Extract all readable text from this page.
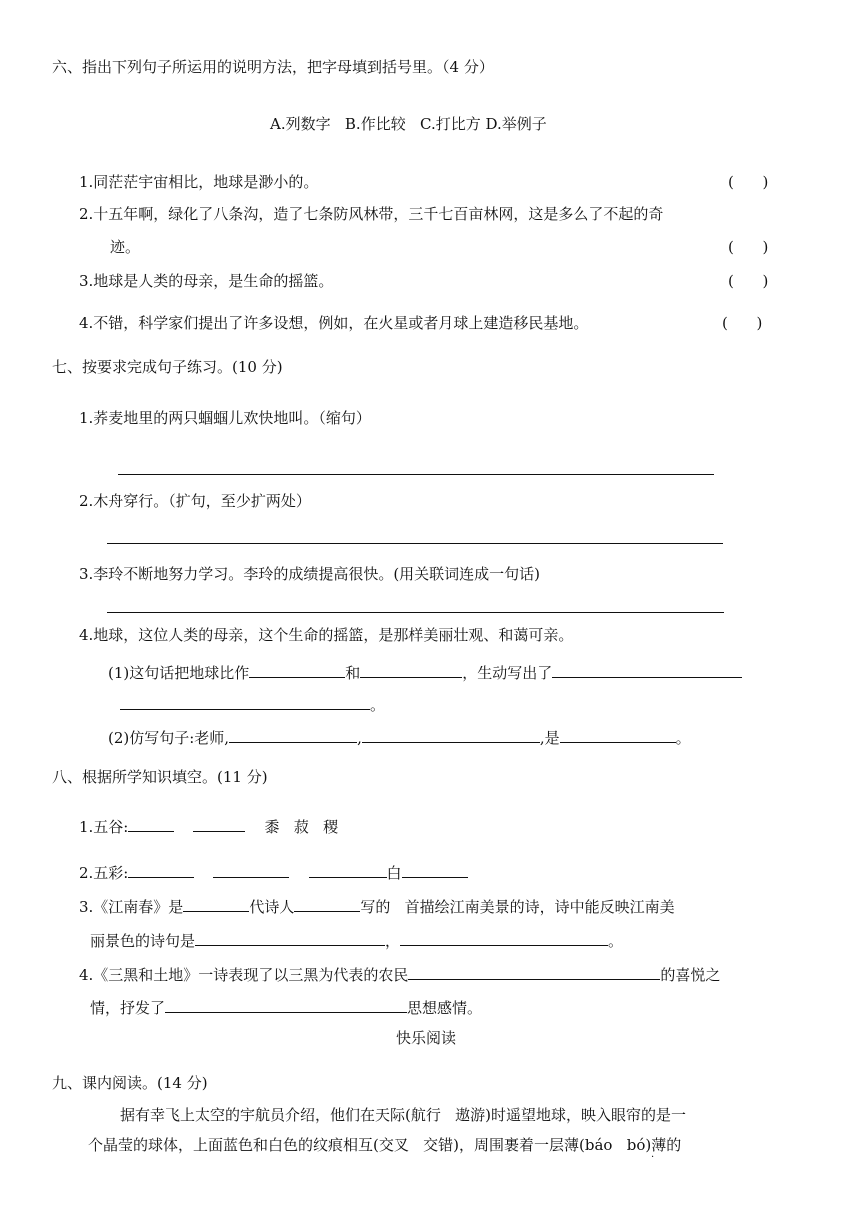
六、指出下列句子所运用的说明方法，把字母填到括号里。（4 分）
A.列数字   B.作比较   C.打比方 D.举例子
1.同茫茫宇宙相比，地球是渺小的。	(      )
2.十五年啊，绿化了八条沟，造了七条防风林带，三千七百亩林网，这是多么了不起的奇
迹。	(      )
3.地球是人类的母亲，是生命的摇篮。	(      )
4.不错，科学家们提出了许多设想，例如，在火星或者月球上建造移民基地。	(      )
七、按要求完成句子练习。(10 分)
1.荞麦地里的两只蝈蝈儿欢快地叫。（缩句）
2.木舟穿行。（扩句，至少扩两处）
3.李玲不断地努力学习。李玲的成绩提高很快。(用关联词连成一句话)
4.地球，这位人类的母亲，这个生命的摇篮，是那样美丽壮观、和蔼可亲。
(1)这句话把地球比作	和	，生动写出了
。
(2)仿写句子:老师,	,	,是	。
八、根据所学知识填空。(11 分)
1.五谷:	黍   菽   稷
2.五彩:	白
3.《江南春》是	代诗人	写的   首描绘江南美景的诗，诗中能反映江南美
丽景色的诗句是	，	。
4.《三黑和土地》一诗表现了以三黑为代表的农民	的喜悦之
情，抒发了	思想感情。
快乐阅读
九、课内阅读。(14 分)
据有幸飞上太空的宇航员介绍，他们在天际(航行   遨游)时遥望地球，映入眼帘的是一
个晶莹的球体，上面蓝色和白色的纹痕相互(交叉   交错)，周围裹着一层薄(báo   bó)薄的
·
